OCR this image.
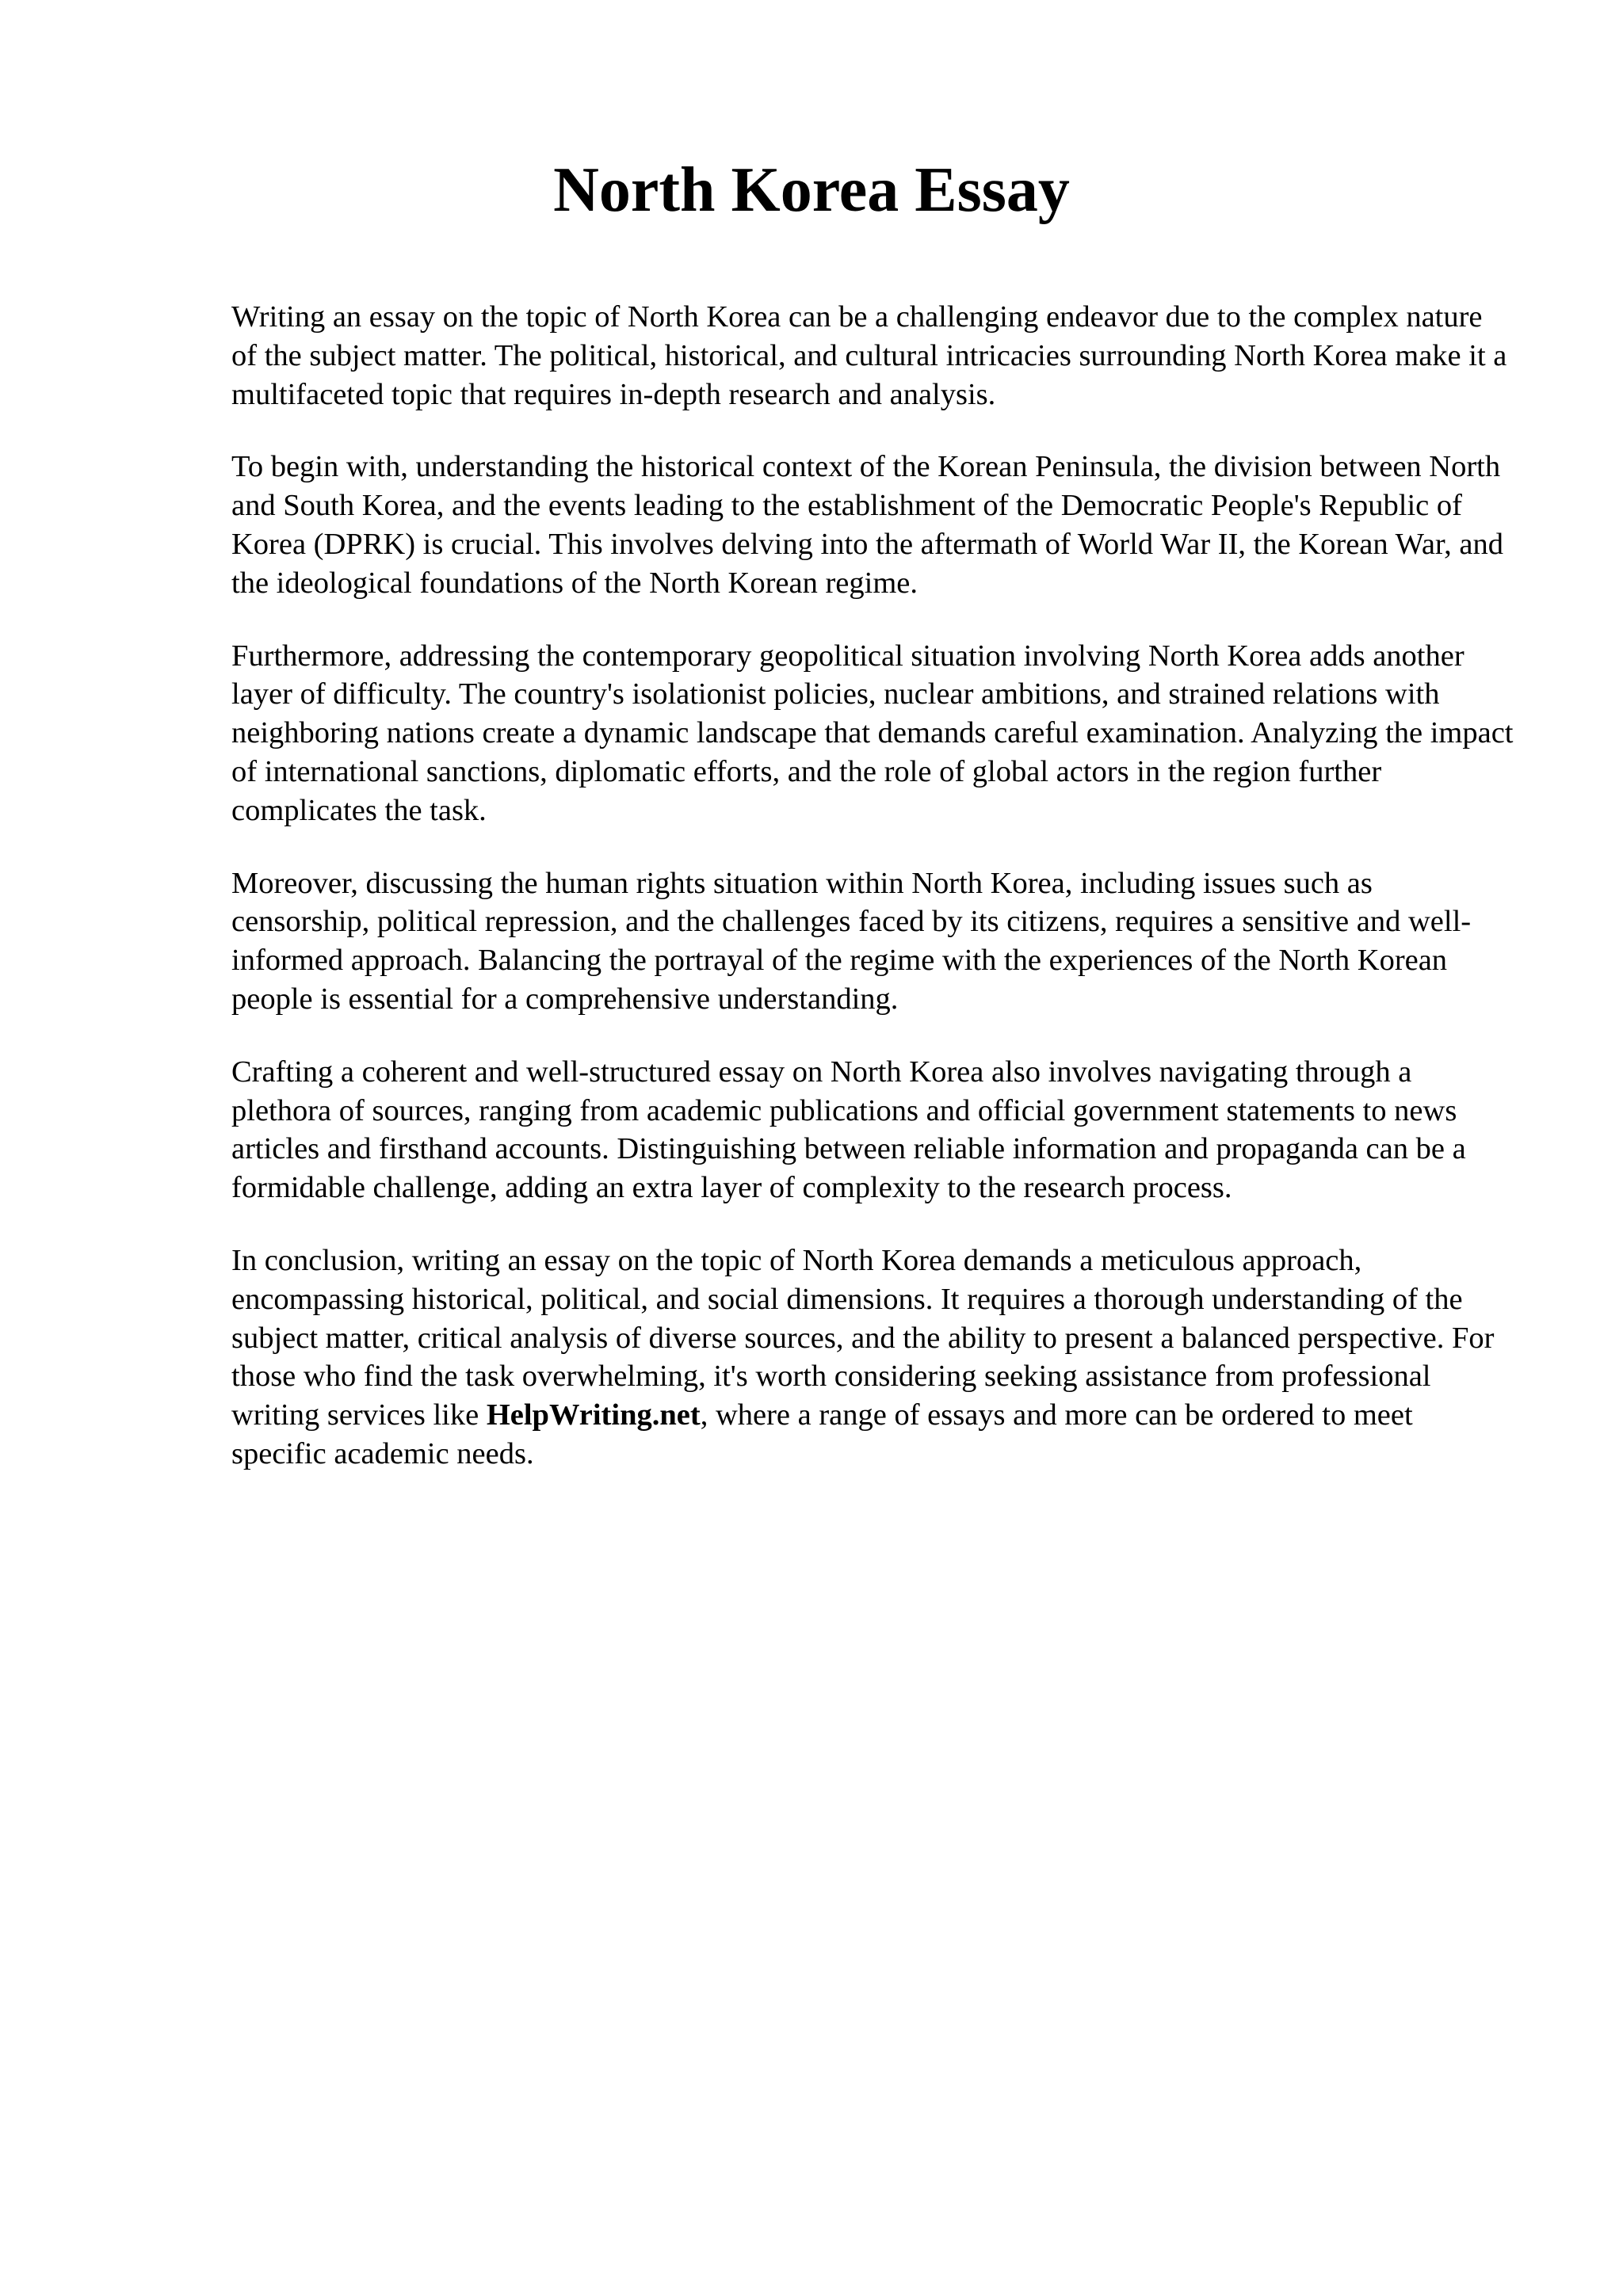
North Korea Essay

Writing an essay on the topic of North Korea can be a challenging endeavor due to the complex nature of the subject matter. The political, historical, and cultural intricacies surrounding North Korea make it a multifaceted topic that requires in-depth research and analysis.

To begin with, understanding the historical context of the Korean Peninsula, the division between North and South Korea, and the events leading to the establishment of the Democratic People's Republic of Korea (DPRK) is crucial. This involves delving into the aftermath of World War II, the Korean War, and the ideological foundations of the North Korean regime.

Furthermore, addressing the contemporary geopolitical situation involving North Korea adds another layer of difficulty. The country's isolationist policies, nuclear ambitions, and strained relations with neighboring nations create a dynamic landscape that demands careful examination. Analyzing the impact of international sanctions, diplomatic efforts, and the role of global actors in the region further complicates the task.

Moreover, discussing the human rights situation within North Korea, including issues such as censorship, political repression, and the challenges faced by its citizens, requires a sensitive and well-informed approach. Balancing the portrayal of the regime with the experiences of the North Korean people is essential for a comprehensive understanding.

Crafting a coherent and well-structured essay on North Korea also involves navigating through a plethora of sources, ranging from academic publications and official government statements to news articles and firsthand accounts. Distinguishing between reliable information and propaganda can be a formidable challenge, adding an extra layer of complexity to the research process.

In conclusion, writing an essay on the topic of North Korea demands a meticulous approach, encompassing historical, political, and social dimensions. It requires a thorough understanding of the subject matter, critical analysis of diverse sources, and the ability to present a balanced perspective. For those who find the task overwhelming, it's worth considering seeking assistance from professional writing services like HelpWriting.net, where a range of essays and more can be ordered to meet specific academic needs.
